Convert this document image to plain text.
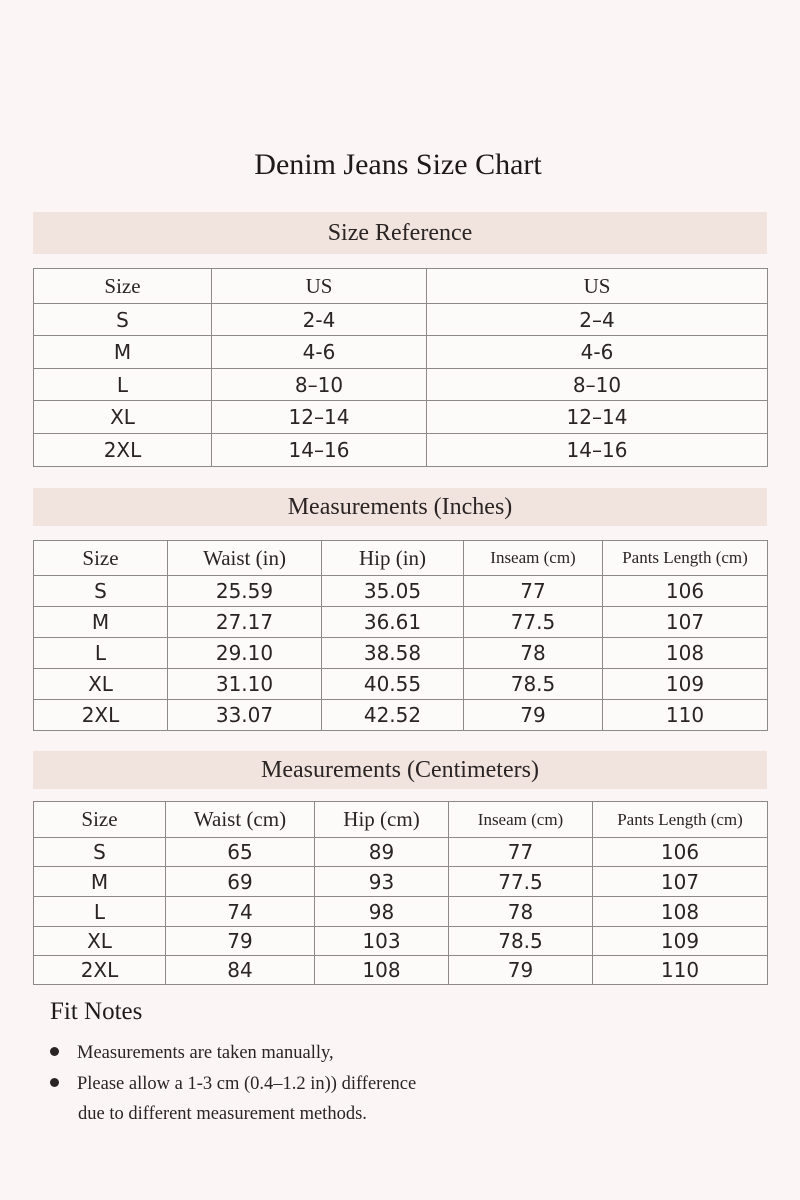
Denim Jeans Size Chart
Size Reference
Size	US	US
S	2-4	2–4
M	4-6	4-6
L	8–10	8–10
XL	12–14	12–14
2XL	14–16	14–16
Measurements (Inches)
Size	Waist (in)	Hip (in)	Inseam (cm)	Pants Length (cm)
S	25.59	35.05	77	106
M	27.17	36.61	77.5	107
L	29.10	38.58	78	108
XL	31.10	40.55	78.5	109
2XL	33.07	42.52	79	110
Measurements (Centimeters)
Size	Waist (cm)	Hip (cm)	Inseam (cm)	Pants Length (cm)
S	65	89	77	106
M	69	93	77.5	107
L	74	98	78	108
XL	79	103	78.5	109
2XL	84	108	79	110
Fit Notes
Measurements are taken manually,
Please allow a 1-3 cm (0.4–1.2 in)) difference
due to different measurement methods.
